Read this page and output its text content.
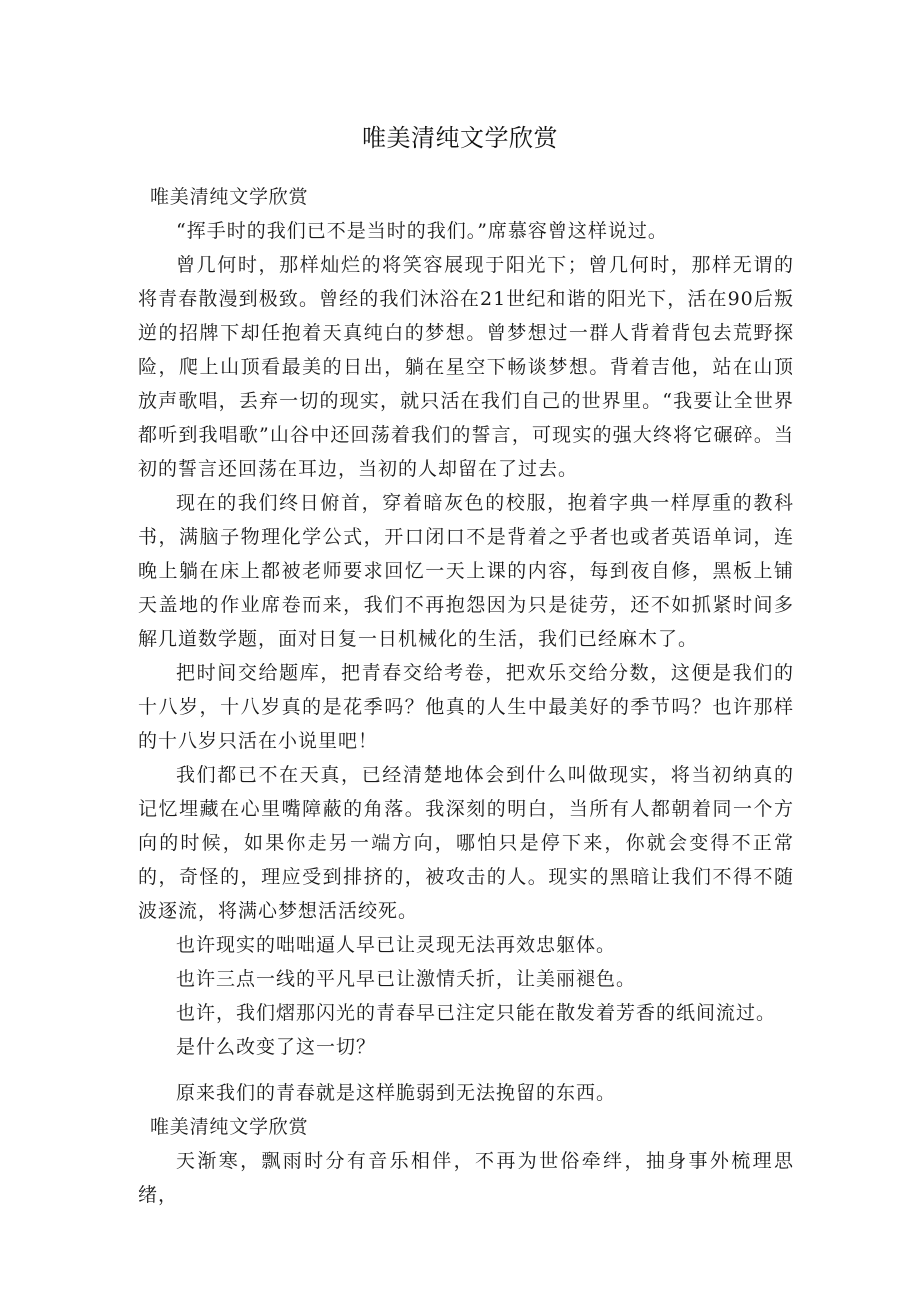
唯美清纯文学欣赏

唯美清纯文学欣赏

“挥手时的我们已不是当时的我们。”席慕容曾这样说过。

曾几何时，那样灿烂的将笑容展现于阳光下；曾几何时，那样无谓的将青春散漫到极致。曾经的我们沐浴在21世纪和谐的阳光下，活在90后叛逆的招牌下却任抱着天真纯白的梦想。曾梦想过一群人背着背包去荒野探险，爬上山顶看最美的日出，躺在星空下畅谈梦想。背着吉他，站在山顶放声歌唱，丢弃一切的现实，就只活在我们自己的世界里。“我要让全世界都听到我唱歌”山谷中还回荡着我们的誓言，可现实的强大终将它碾碎。当初的誓言还回荡在耳边，当初的人却留在了过去。

现在的我们终日俯首，穿着暗灰色的校服，抱着字典一样厚重的教科书，满脑子物理化学公式，开口闭口不是背着之乎者也或者英语单词，连晚上躺在床上都被老师要求回忆一天上课的内容，每到夜自修，黑板上铺天盖地的作业席卷而来，我们不再抱怨因为只是徒劳，还不如抓紧时间多解几道数学题，面对日复一日机械化的生活，我们已经麻木了。

把时间交给题库，把青春交给考卷，把欢乐交给分数，这便是我们的十八岁，十八岁真的是花季吗？他真的人生中最美好的季节吗？也许那样的十八岁只活在小说里吧！

我们都已不在天真，已经清楚地体会到什么叫做现实，将当初纳真的记忆埋藏在心里嘴障蔽的角落。我深刻的明白，当所有人都朝着同一个方向的时候，如果你走另一端方向，哪怕只是停下来，你就会变得不正常的，奇怪的，理应受到排挤的，被攻击的人。现实的黑暗让我们不得不随波逐流，将满心梦想活活绞死。

也许现实的咄咄逼人早已让灵现无法再效忠躯体。

也许三点一线的平凡早已让激情夭折，让美丽褪色。

也许，我们熠那闪光的青春早已注定只能在散发着芳香的纸间流过。

是什么改变了这一切？

原来我们的青春就是这样脆弱到无法挽留的东西。

唯美清纯文学欣赏

天渐寒，飘雨时分有音乐相伴，不再为世俗牵绊，抽身事外梳理思绪，
